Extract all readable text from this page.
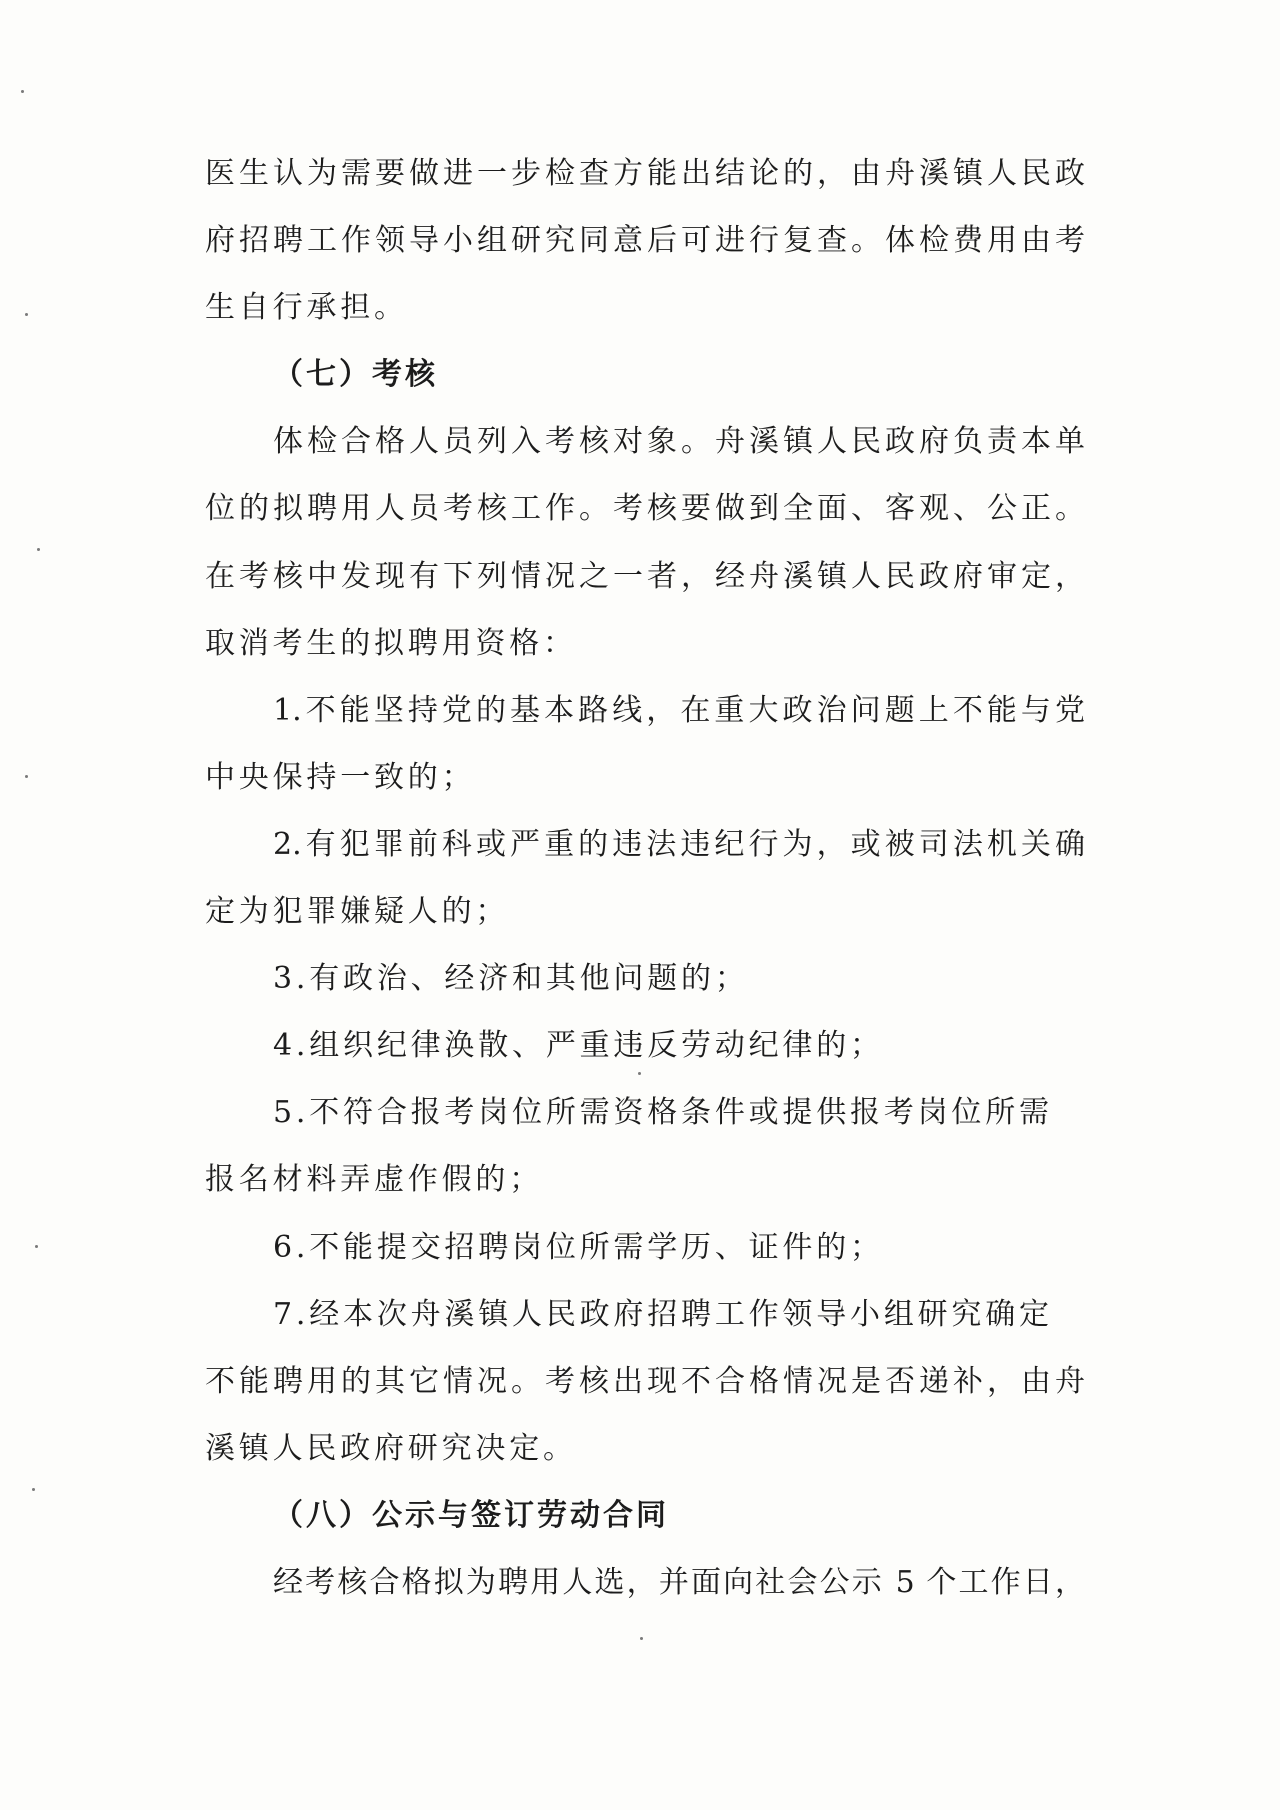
医生认为需要做进一步检查方能出结论的，由舟溪镇人民政
府招聘工作领导小组研究同意后可进行复查。体检费用由考
生自行承担。
（七）考核
体检合格人员列入考核对象。舟溪镇人民政府负责本单
位的拟聘用人员考核工作。考核要做到全面、客观、公正。
在考核中发现有下列情况之一者，经舟溪镇人民政府审定，
取消考生的拟聘用资格：
1.不能坚持党的基本路线，在重大政治问题上不能与党
中央保持一致的；
2.有犯罪前科或严重的违法违纪行为，或被司法机关确
定为犯罪嫌疑人的；
3.有政治、经济和其他问题的；
4.组织纪律涣散、严重违反劳动纪律的；
5.不符合报考岗位所需资格条件或提供报考岗位所需
报名材料弄虚作假的；
6.不能提交招聘岗位所需学历、证件的；
7.经本次舟溪镇人民政府招聘工作领导小组研究确定
不能聘用的其它情况。考核出现不合格情况是否递补，由舟
溪镇人民政府研究决定。
（八）公示与签订劳动合同
经考核合格拟为聘用人选，并面向社会公示 5 个工作日，
